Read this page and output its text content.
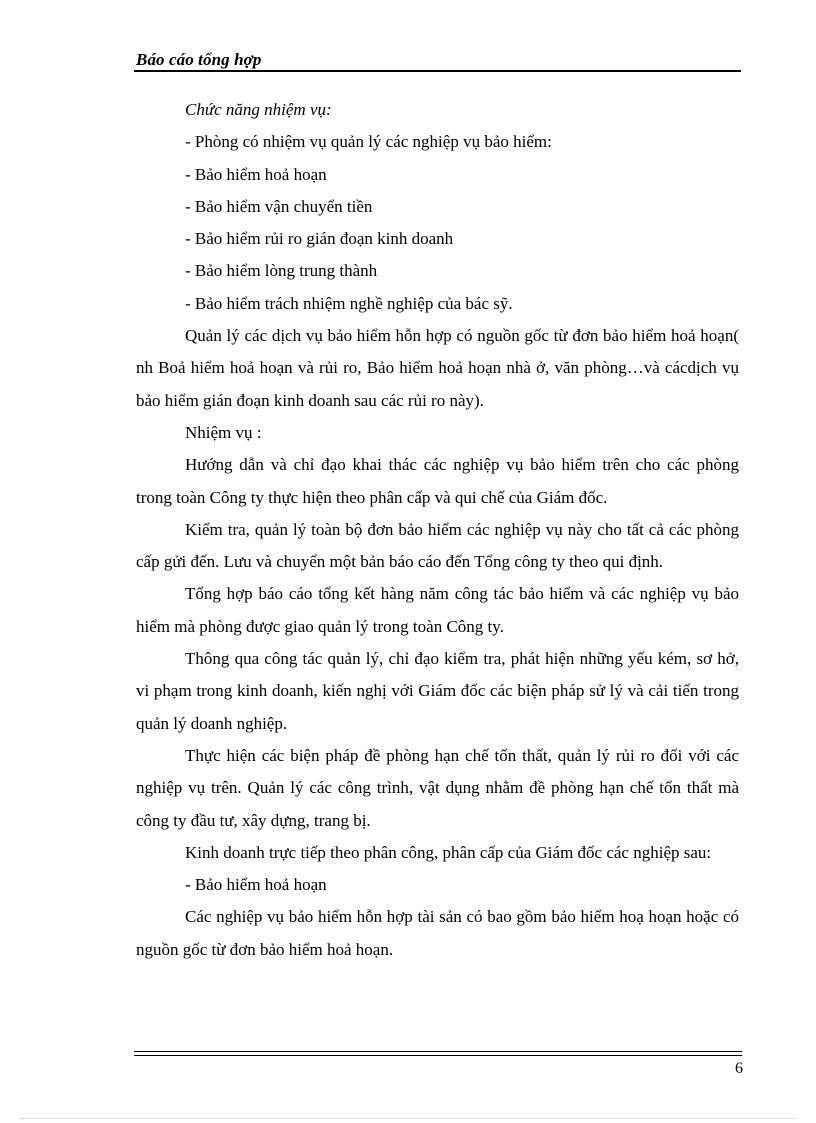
Báo cáo tổng hợp

Chức năng nhiệm vụ:

- Phòng có nhiệm vụ quản lý các nghiệp vụ bảo hiểm:

- Bảo hiểm hoả hoạn

- Bảo hiểm vận chuyển tiền

- Bảo hiểm rủi ro gián đoạn kinh doanh

- Bảo hiểm lòng trung thành

- Bảo hiểm trách nhiệm nghề nghiệp của bác sỹ.

Quản lý các dịch vụ bảo hiểm hỗn hợp có nguồn gốc từ đơn bảo hiểm hoả hoạn( nh Boả hiểm hoả hoạn và rủi ro, Bảo hiểm hoả hoạn nhà ở, văn phòng…và cácdịch vụ bảo hiểm gián đoạn kinh doanh sau các rủi ro này).

Nhiệm vụ :

Hướng dẫn và chỉ đạo khai thác các nghiệp vụ bảo hiểm trên cho các phòng trong toàn Công ty thực hiện theo phân cấp và qui chế của Giám đốc.

Kiểm tra, quản lý toàn bộ đơn bảo hiểm các nghiệp vụ này cho tất cả các phòng cấp gửi đến. Lưu và chuyển một bản báo cáo đến Tổng công ty theo qui định.

Tổng hợp báo cáo tổng kết hàng năm công tác bảo hiểm và các nghiệp vụ bảo hiểm mà phòng được giao quản lý trong toàn Công ty.

Thông qua công tác quản lý, chỉ đạo kiểm tra, phát hiện những yếu kém, sơ hở, vi phạm trong kinh doanh, kiến nghị với Giám đốc các biện pháp sử lý và cải tiến trong quản lý doanh nghiệp.

Thực hiện các biện pháp đề phòng hạn chế tổn thất, quản lý rủi ro đối với các nghiệp vụ trên. Quản lý các công trình, vật dụng nhằm đề phòng hạn chế tổn thất mà công ty đầu tư, xây dựng, trang bị.

Kinh doanh trực tiếp theo phân công, phân cấp của Giám đốc các nghiệp sau:

- Bảo hiểm hoả hoạn

Các nghiệp vụ bảo hiểm hỗn hợp tài sản có bao gồm bảo hiểm hoạ hoạn hoặc có nguồn gốc từ đơn bảo hiểm hoả hoạn.

6
